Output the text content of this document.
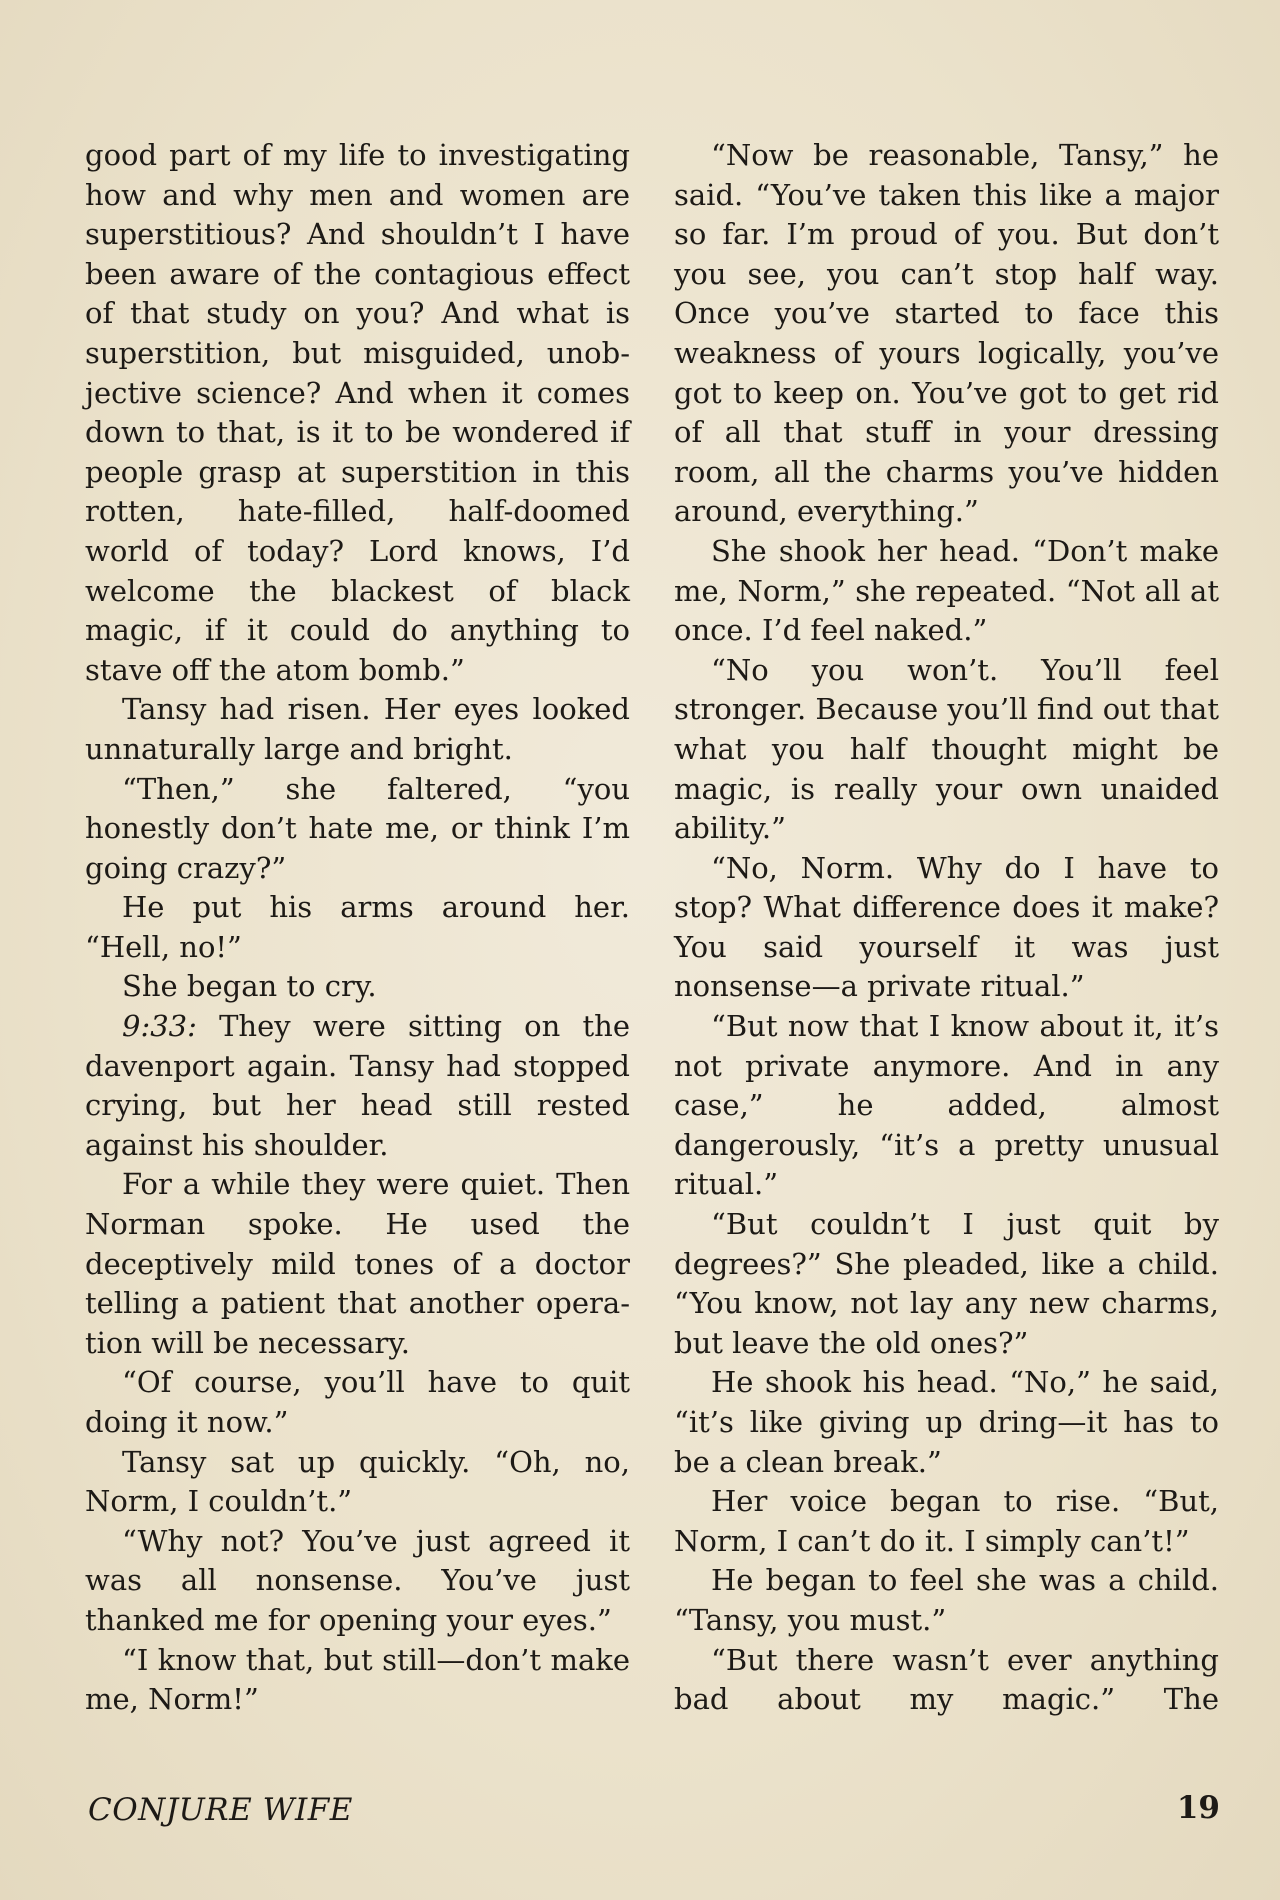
good part of my life to investigating how and why men and women are superstitious? And shouldn’t I have been aware of the contagious effect of that study on you? And what is superstition, but misguided, unobjective science? And when it comes down to that, is it to be wondered if people grasp at superstition in this rotten, hate-filled, half-doomed world of today? Lord knows, I’d welcome the blackest of black magic, if it could do anything to stave off the atom bomb.”

Tansy had risen. Her eyes looked unnaturally large and bright.

“Then,” she faltered, “you honestly don’t hate me, or think I’m going crazy?”

He put his arms around her. “Hell, no!”

She began to cry.

9:33: They were sitting on the davenport again. Tansy had stopped crying, but her head still rested against his shoulder.

For a while they were quiet. Then Norman spoke. He used the deceptively mild tones of a doctor telling a patient that another operation will be necessary.

“Of course, you’ll have to quit doing it now.”

Tansy sat up quickly. “Oh, no, Norm, I couldn’t.”

“Why not? You’ve just agreed it was all nonsense. You’ve just thanked me for opening your eyes.”

“I know that, but still—don’t make me, Norm!”

“Now be reasonable, Tansy,” he said. “You’ve taken this like a major so far. I’m proud of you. But don’t you see, you can’t stop half way. Once you’ve started to face this weakness of yours logically, you’ve got to keep on. You’ve got to get rid of all that stuff in your dressing room, all the charms you’ve hidden around, everything.”

She shook her head. “Don’t make me, Norm,” she repeated. “Not all at once. I’d feel naked.”

“No you won’t. You’ll feel stronger. Because you’ll find out that what you half thought might be magic, is really your own unaided ability.”

“No, Norm. Why do I have to stop? What difference does it make? You said yourself it was just nonsense—a private ritual.”

“But now that I know about it, it’s not private anymore. And in any case,” he added, almost dangerously, “it’s a pretty unusual ritual.”

“But couldn’t I just quit by degrees?” She pleaded, like a child. “You know, not lay any new charms, but leave the old ones?”

He shook his head. “No,” he said, “it’s like giving up dring—it has to be a clean break.”

Her voice began to rise. “But, Norm, I can’t do it. I simply can’t!”

He began to feel she was a child. “Tansy, you must.”

“But there wasn’t ever anything bad about my magic.” The

CONJURE WIFE	19
